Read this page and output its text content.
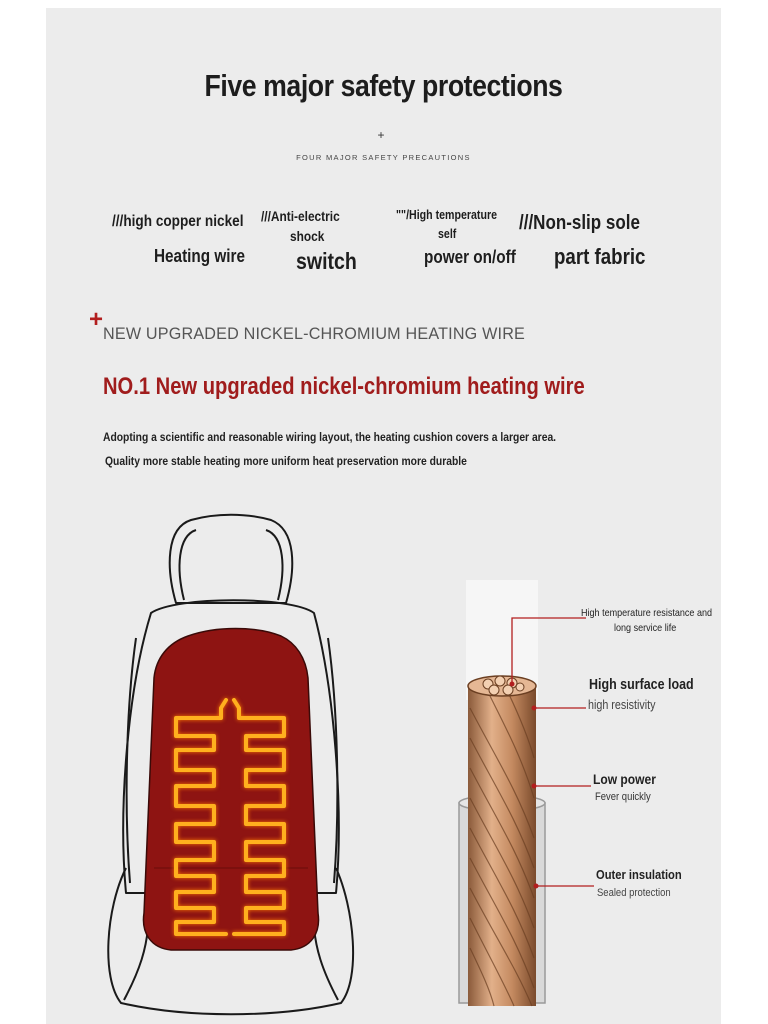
Five major safety protections
+
FOUR MAJOR SAFETY PRECAUTIONS
///high copper nickel
Heating wire
///Anti-electric
shock
switch
""/High temperature
self
power on/off
///Non-slip sole
part fabric
+
NEW UPGRADED NICKEL-CHROMIUM HEATING WIRE
NO.1 New upgraded nickel-chromium heating wire
Adopting a scientific and reasonable wiring layout, the heating cushion covers a larger area.
Quality more stable heating more uniform heat preservation more durable
High temperature resistance and
long service life
High surface load
high resistivity
Low power
Fever quickly
Outer insulation
Sealed protection
